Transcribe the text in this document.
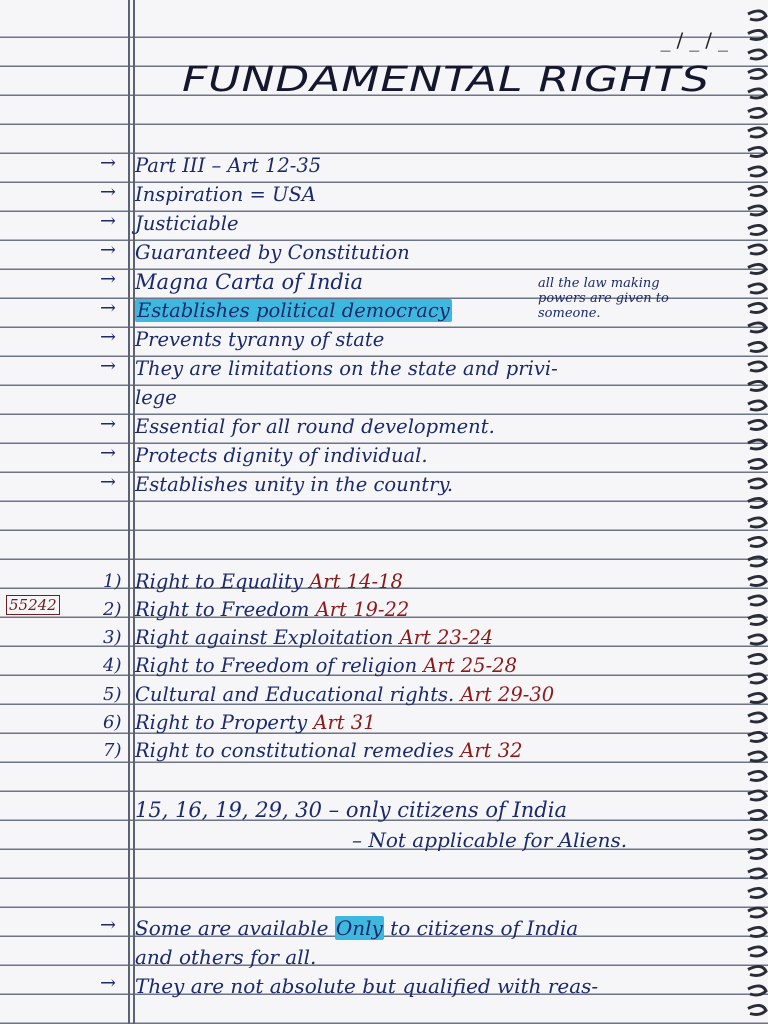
_/_/_
FUNDAMENTAL RIGHTS
→ Part III – Art 12-35
→ Inspiration = USA
→ Justiciable
→ Guaranteed by Constitution
→ Magna Carta of India
→ Establishes political democracy
→ Prevents tyranny of state
→ They are limitations on the state and privi-
lege
→ Essential for all round development.
→ Protects dignity of individual.
→ Establishes unity in the country.
all the law making
powers are given to
someone.
55242
1) Right to Equality Art 14-18
2) Right to Freedom Art 19-22
3) Right against Exploitation Art 23-24
4) Right to Freedom of religion Art 25-28
5) Cultural and Educational rights. Art 29-30
6) Right to Property Art 31
7) Right to constitutional remedies Art 32
15, 16, 19, 29, 30 – only citizens of India
– Not applicable for Aliens.
→ Some are available Only to citizens of India
and others for all.
→ They are not absolute but qualified with reas-
